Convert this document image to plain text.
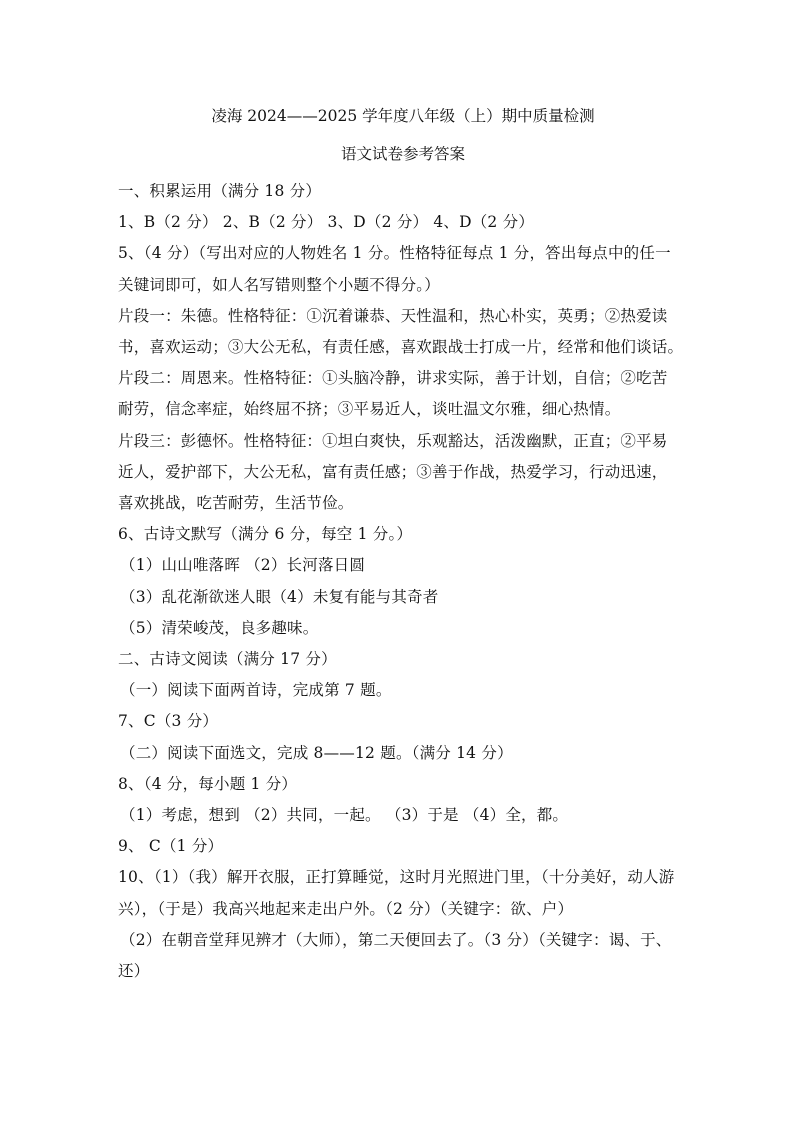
凌海 2024——2025 学年度八年级（上）期中质量检测

语文试卷参考答案

一、积累运用（满分 18 分）

1、B（2 分） 2、B（2 分） 3、D（2 分） 4、D（2 分）

5、（4 分）（写出对应的人物姓名 1 分。性格特征每点 1 分，答出每点中的任一

关键词即可，如人名写错则整个小题不得分。）

片段一：朱德。性格特征：①沉着谦恭、天性温和，热心朴实，英勇；②热爱读

书，喜欢运动；③大公无私，有责任感，喜欢跟战士打成一片，经常和他们谈话。

片段二：周恩来。性格特征：①头脑冷静，讲求实际，善于计划，自信；②吃苦

耐劳，信念率症，始终屈不挤；③平易近人，谈吐温文尔雅，细心热情。

片段三：彭德怀。性格特征：①坦白爽快，乐观豁达，活泼幽默，正直；②平易

近人，爱护部下，大公无私，富有责任感；③善于作战，热爱学习，行动迅速，

喜欢挑战，吃苦耐劳，生活节俭。

6、古诗文默写（满分 6 分，每空 1 分。）

（1）山山唯落晖 （2）长河落日圆

（3）乱花渐欲迷人眼（4）未复有能与其奇者

（5）清荣峻茂，良多趣味。

二、古诗文阅读（满分 17 分）

（一）阅读下面两首诗，完成第 7 题。

7、C（3 分）

（二）阅读下面选文，完成 8——12 题。（满分 14 分）

8、（4 分，每小题 1 分）

（1）考虑，想到 （2）共同，一起。 （3）于是 （4）全，都。

9、 C（1 分）

10、（1）（我）解开衣服，正打算睡觉，这时月光照进门里，（十分美好，动人游

兴），（于是）我高兴地起来走出户外。（2 分）（关键字：欲、户）

（2）在朝音堂拜见辨才（大师），第二天便回去了。（3 分）（关键字：谒、于、

还）
